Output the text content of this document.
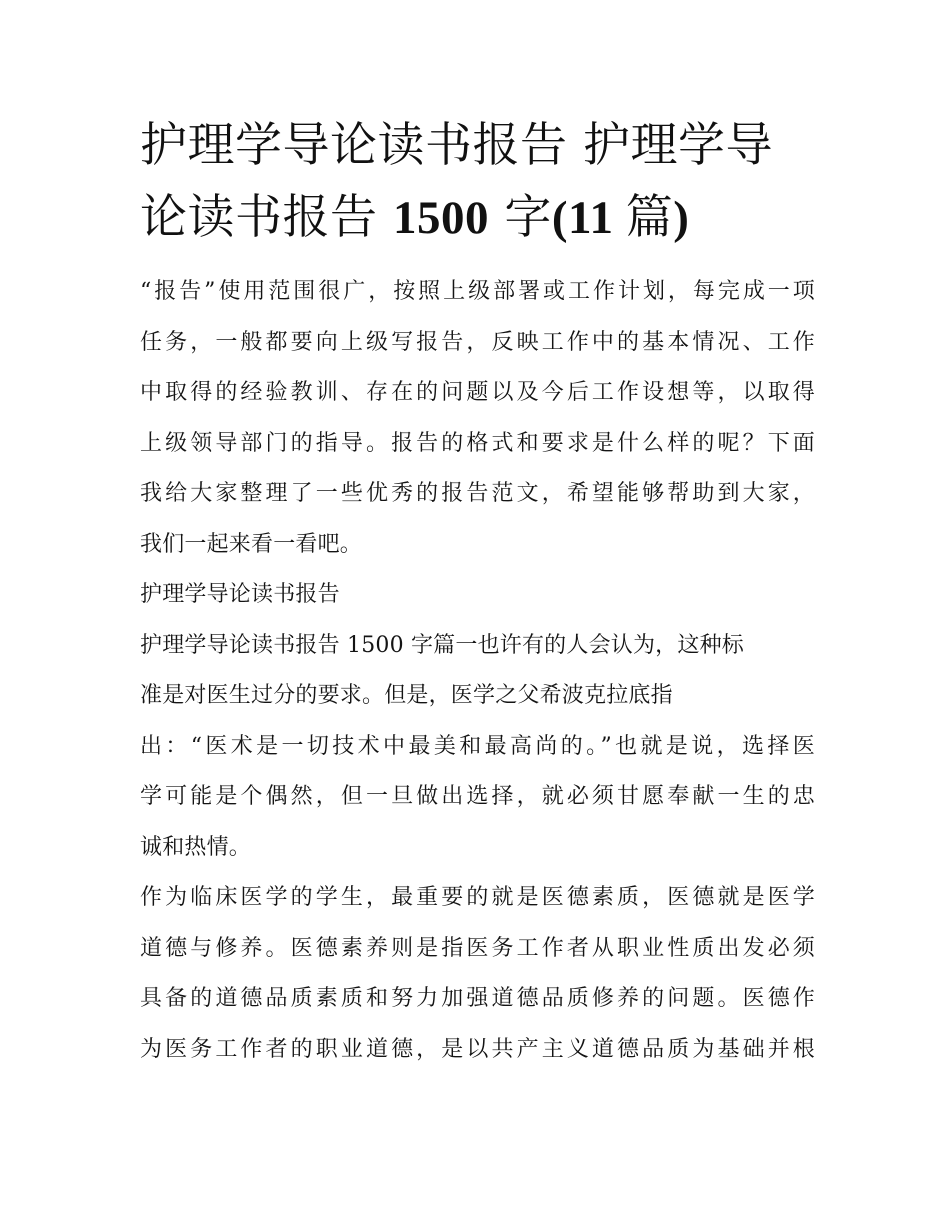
护理学导论读书报告 护理学导
论读书报告 1500 字(11 篇)
“报告”使用范围很广，按照上级部署或工作计划，每完成一项
任务，一般都要向上级写报告，反映工作中的基本情况、工作
中取得的经验教训、存在的问题以及今后工作设想等，以取得
上级领导部门的指导。报告的格式和要求是什么样的呢？下面
我给大家整理了一些优秀的报告范文，希望能够帮助到大家，
我们一起来看一看吧。
护理学导论读书报告
护理学导论读书报告 1500 字篇一也许有的人会认为，这种标
准是对医生过分的要求。但是，医学之父希波克拉底指
出：“医术是一切技术中最美和最高尚的。”也就是说，选择医
学可能是个偶然，但一旦做出选择，就必须甘愿奉献一生的忠
诚和热情。
作为临床医学的学生，最重要的就是医德素质，医德就是医学
道德与修养。医德素养则是指医务工作者从职业性质出发必须
具备的道德品质素质和努力加强道德品质修养的问题。医德作
为医务工作者的职业道德，是以共产主义道德品质为基础并根
